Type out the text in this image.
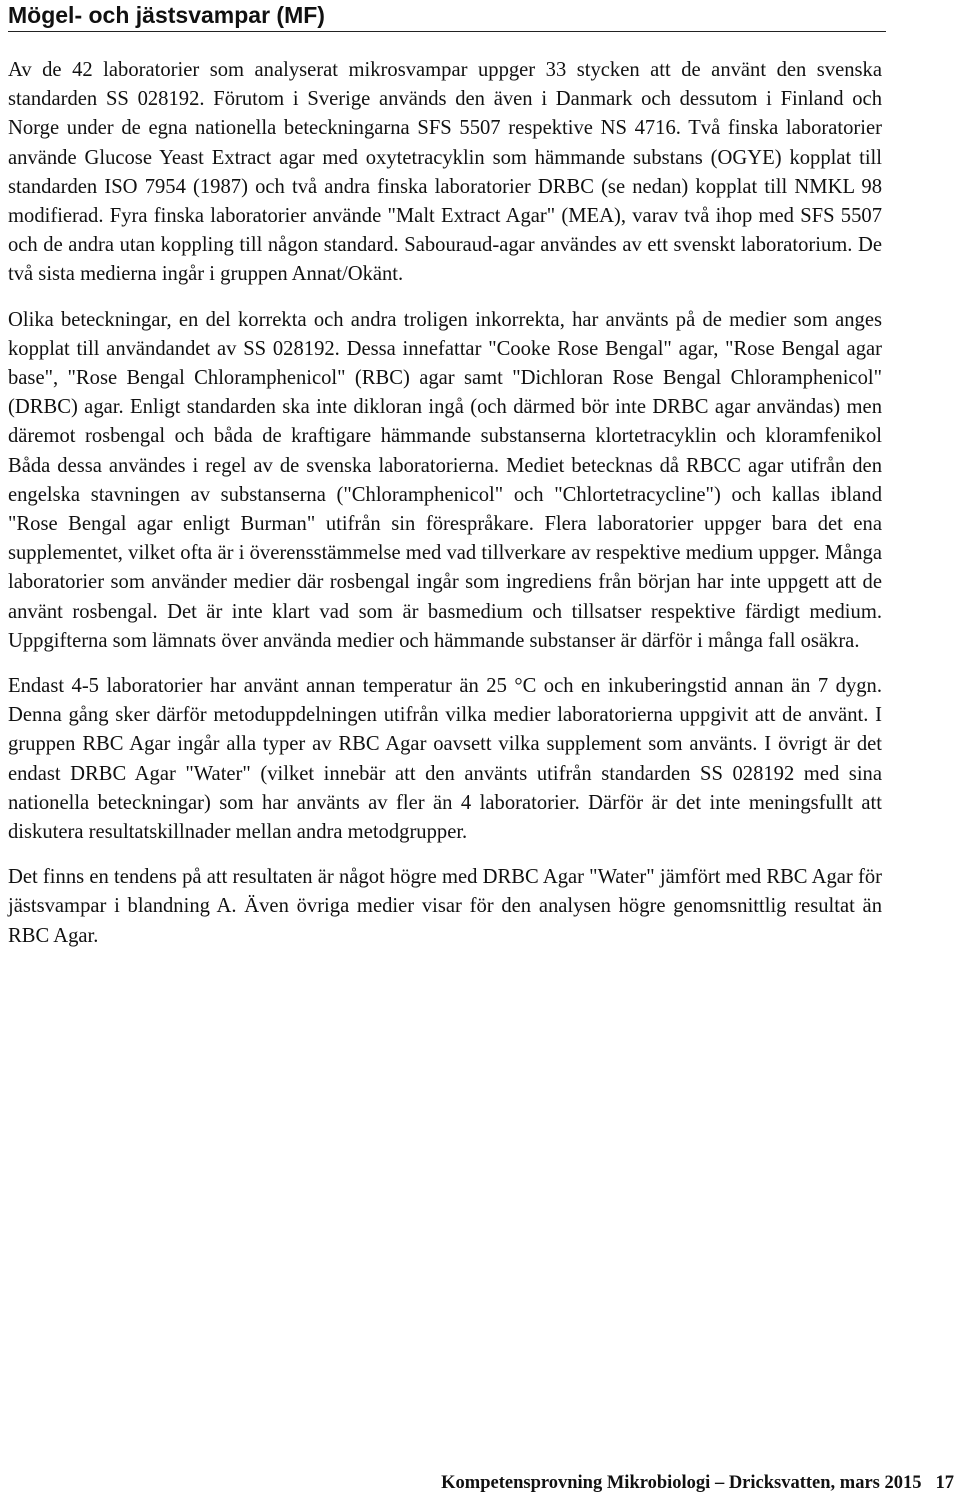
Mögel- och jästsvampar (MF)

Av de 42 laboratorier som analyserat mikrosvampar uppger 33 stycken att de använt den svenska standarden SS 028192. Förutom i Sverige används den även i Danmark och dessutom i Finland och Norge under de egna nationella beteckningarna SFS 5507 respektive NS 4716. Två finska laboratorier använde Glucose Yeast Extract agar med oxytetracyklin som hämmande substans (OGYE) kopplat till standarden ISO 7954 (1987) och två andra finska laboratorier DRBC (se nedan) kopplat till NMKL 98 modifierad. Fyra finska laboratorier använde "Malt Extract Agar" (MEA), varav två ihop med SFS 5507 och de andra utan koppling till någon standard. Sabouraud-agar användes av ett svenskt laboratorium. De två sista medierna ingår i gruppen Annat/Okänt.

Olika beteckningar, en del korrekta och andra troligen inkorrekta, har använts på de medier som anges kopplat till användandet av SS 028192. Dessa innefattar "Cooke Rose Bengal" agar, "Rose Bengal agar base", "Rose Bengal Chloramphenicol" (RBC) agar samt "Dichloran Rose Bengal Chloramphenicol" (DRBC) agar. Enligt standarden ska inte dikloran ingå (och därmed bör inte DRBC agar användas) men däremot rosbengal och båda de kraftigare hämmande substanserna klortetracyklin och kloramfenikol Båda dessa användes i regel av de svenska laboratorierna. Mediet betecknas då RBCC agar utifrån den engelska stavningen av substanserna ("Chloramphenicol" och "Chlortetracycline") och kallas ibland "Rose Bengal agar enligt Burman" utifrån sin förespråkare. Flera laboratorier uppger bara det ena supplementet, vilket ofta är i överensstämmelse med vad tillverkare av respektive medium uppger. Många laboratorier som använder medier där rosbengal ingår som ingrediens från början har inte uppgett att de använt rosbengal. Det är inte klart vad som är basmedium och tillsatser respektive färdigt medium. Uppgifterna som lämnats över använda medier och hämmande substanser är därför i många fall osäkra.

Endast 4-5 laboratorier har använt annan temperatur än 25 °C och en inkuberingstid annan än 7 dygn. Denna gång sker därför metoduppdelningen utifrån vilka medier laboratorierna uppgivit att de använt. I gruppen RBC Agar ingår alla typer av RBC Agar oavsett vilka supplement som använts. I övrigt är det endast DRBC Agar "Water" (vilket innebär att den använts utifrån standarden SS 028192 med sina nationella beteckningar) som har använts av fler än 4 laboratorier. Därför är det inte meningsfullt att diskutera resultatskillnader mellan andra metodgrupper.

Det finns en tendens på att resultaten är något högre med DRBC Agar "Water" jämfört med RBC Agar för jästsvampar i blandning A. Även övriga medier visar för den analysen högre genomsnittlig resultat än RBC Agar.

Kompetensprovning Mikrobiologi – Dricksvatten, mars 2015 17
